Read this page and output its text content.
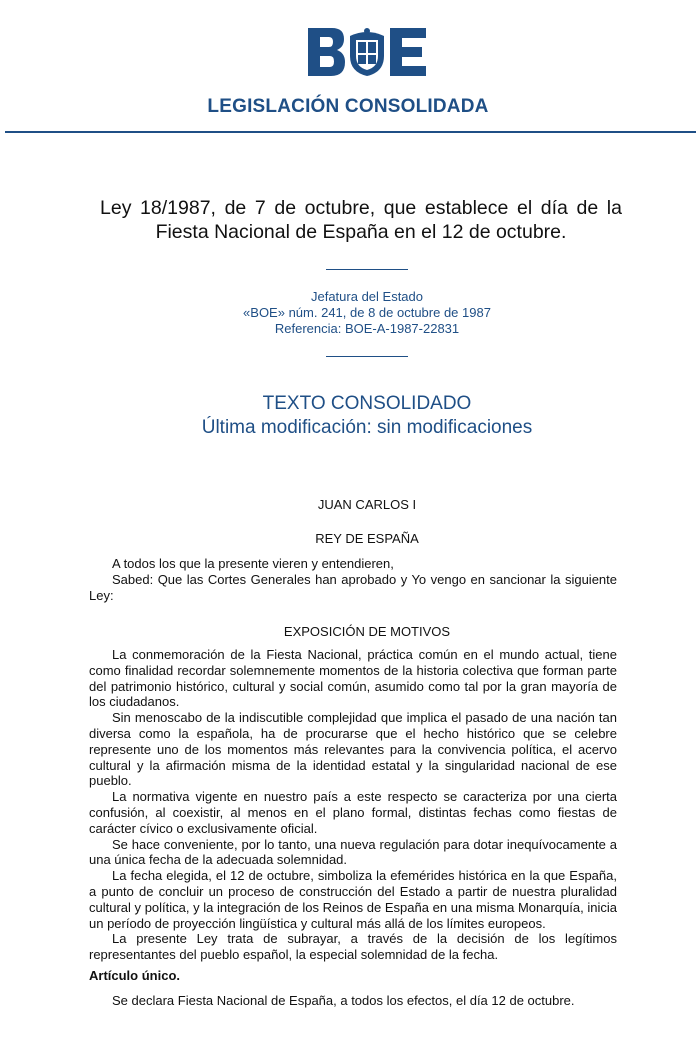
LEGISLACIÓN CONSOLIDADA
Ley 18/1987, de 7 de octubre, que establece el día de la Fiesta Nacional de España en el 12 de octubre.
Jefatura del Estado
«BOE» núm. 241, de 8 de octubre de 1987
Referencia: BOE-A-1987-22831
TEXTO CONSOLIDADO
Última modificación: sin modificaciones
JUAN CARLOS I
REY DE ESPAÑA

A todos los que la presente vieren y entendieren,

Sabed: Que las Cortes Generales han aprobado y Yo vengo en sancionar la siguiente Ley:

EXPOSICIÓN DE MOTIVOS

La conmemoración de la Fiesta Nacional, práctica común en el mundo actual, tiene como finalidad recordar solemnemente momentos de la historia colectiva que forman parte del patrimonio histórico, cultural y social común, asumido como tal por la gran mayoría de los ciudadanos.

Sin menoscabo de la indiscutible complejidad que implica el pasado de una nación tan diversa como la española, ha de procurarse que el hecho histórico que se celebre represente uno de los momentos más relevantes para la convivencia política, el acervo cultural y la afirmación misma de la identidad estatal y la singularidad nacional de ese pueblo.

La normativa vigente en nuestro país a este respecto se caracteriza por una cierta confusión, al coexistir, al menos en el plano formal, distintas fechas como fiestas de carácter cívico o exclusivamente oficial.

Se hace conveniente, por lo tanto, una nueva regulación para dotar inequívocamente a una única fecha de la adecuada solemnidad.

La fecha elegida, el 12 de octubre, simboliza la efemérides histórica en la que España, a punto de concluir un proceso de construcción del Estado a partir de nuestra pluralidad cultural y política, y la integración de los Reinos de España en una misma Monarquía, inicia un período de proyección lingüística y cultural más allá de los límites europeos.

La presente Ley trata de subrayar, a través de la decisión de los legítimos representantes del pueblo español, la especial solemnidad de la fecha.

Artículo único.
Se declara Fiesta Nacional de España, a todos los efectos, el día 12 de octubre.
